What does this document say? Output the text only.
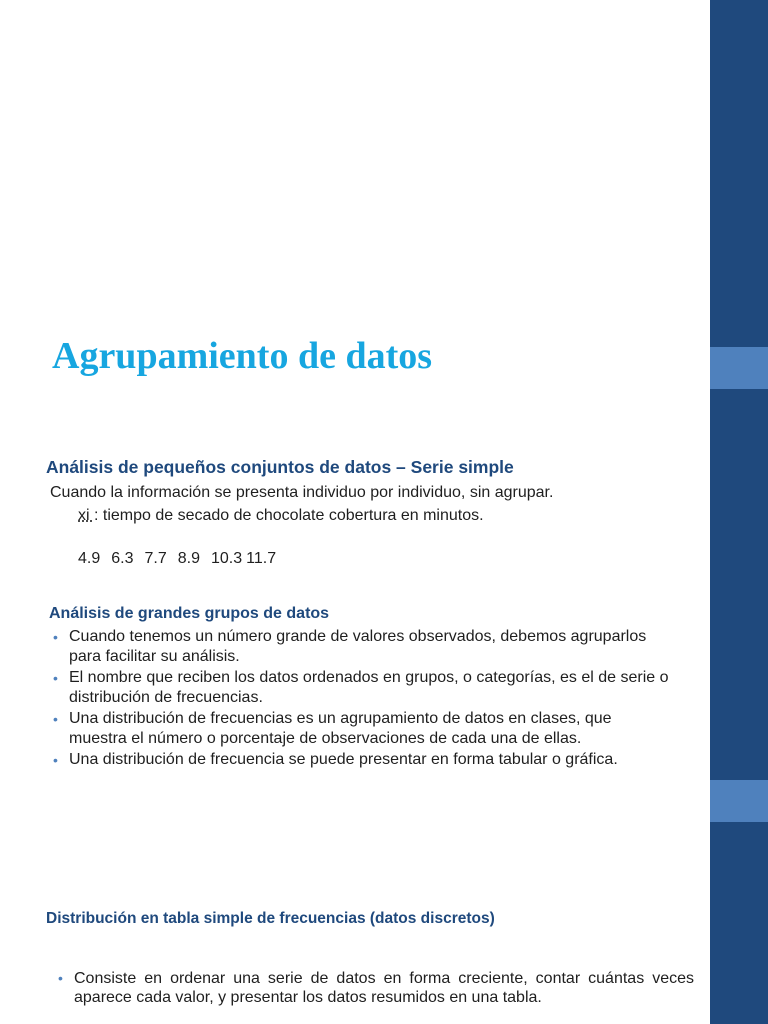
Agrupamiento de datos
Análisis de pequeños conjuntos de datos – Serie simple

Cuando la información se presenta individuo por individuo, sin agrupar.

xi : tiempo de secado de chocolate cobertura en minutos.

4.9 6.3 7.7 8.9 10.3 11.7
Análisis de grandes grupos de datos
• Cuando tenemos un número grande de valores observados, debemos agruparlos para facilitar su análisis.
• El nombre que reciben los datos ordenados en grupos, o categorías, es el de serie o distribución de frecuencias.
• Una distribución de frecuencias es un agrupamiento de datos en clases, que muestra el número o porcentaje de observaciones de cada una de ellas.
• Una distribución de frecuencia se puede presentar en forma tabular o gráfica.
Distribución en tabla simple de frecuencias (datos discretos)
• Consiste en ordenar una serie de datos en forma creciente, contar cuántas veces aparece cada valor, y presentar los datos resumidos en una tabla.
